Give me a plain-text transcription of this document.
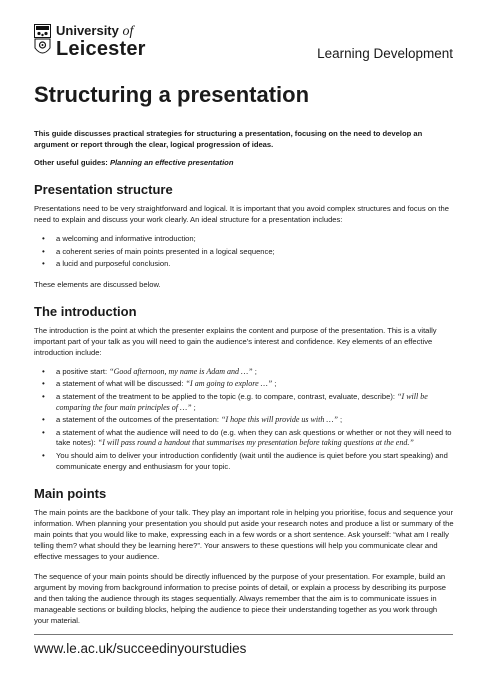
University of
Leicester	Learning Development
Structuring a presentation

This guide discusses practical strategies for structuring a presentation, focusing on the need to develop an argument or report through the clear, logical progression of ideas.

Other useful guides: Planning an effective presentation

Presentation structure

Presentations need to be very straightforward and logical. It is important that you avoid complex structures and focus on the need to explain and discuss your work clearly. An ideal structure for a presentation includes:

• a welcoming and informative introduction;
• a coherent series of main points presented in a logical sequence;
• a lucid and purposeful conclusion.

These elements are discussed below.

The introduction

The introduction is the point at which the presenter explains the content and purpose of the presentation. This is a vitally important part of your talk as you will need to gain the audience’s interest and confidence. Key elements of an effective introduction include:

• a positive start: “Good afternoon, my name is Adam and …” ;
• a statement of what will be discussed: “I am going to explore …” ;
• a statement of the treatment to be applied to the topic (e.g. to compare, contrast, evaluate, describe): “I will be comparing the four main principles of …” ;
• a statement of the outcomes of the presentation: “I hope this will provide us with …” ;
• a statement of what the audience will need to do (e.g. when they can ask questions or whether or not they will need to take notes): “I will pass round a handout that summarises my presentation before taking questions at the end.”
• You should aim to deliver your introduction confidently (wait until the audience is quiet before you start speaking) and communicate energy and enthusiasm for your topic.
Main points

The main points are the backbone of your talk. They play an important role in helping you prioritise, focus and sequence your information. When planning your presentation you should put aside your research notes and produce a list or summary of the main points that you would like to make, expressing each in a few words or a short sentence. Ask yourself: “what am I really telling them? what should they be learning here?”. Your answers to these questions will help you communicate clear and effective messages to your audience.

The sequence of your main points should be directly influenced by the purpose of your presentation. For example, build an argument by moving from background information to precise points of detail, or explain a process by describing its purpose and then taking the audience through its stages sequentially. Always remember that the aim is to communicate issues in manageable sections or building blocks, helping the audience to piece their understanding together as you work through your material.

www.le.ac.uk/succeedinyourstudies
